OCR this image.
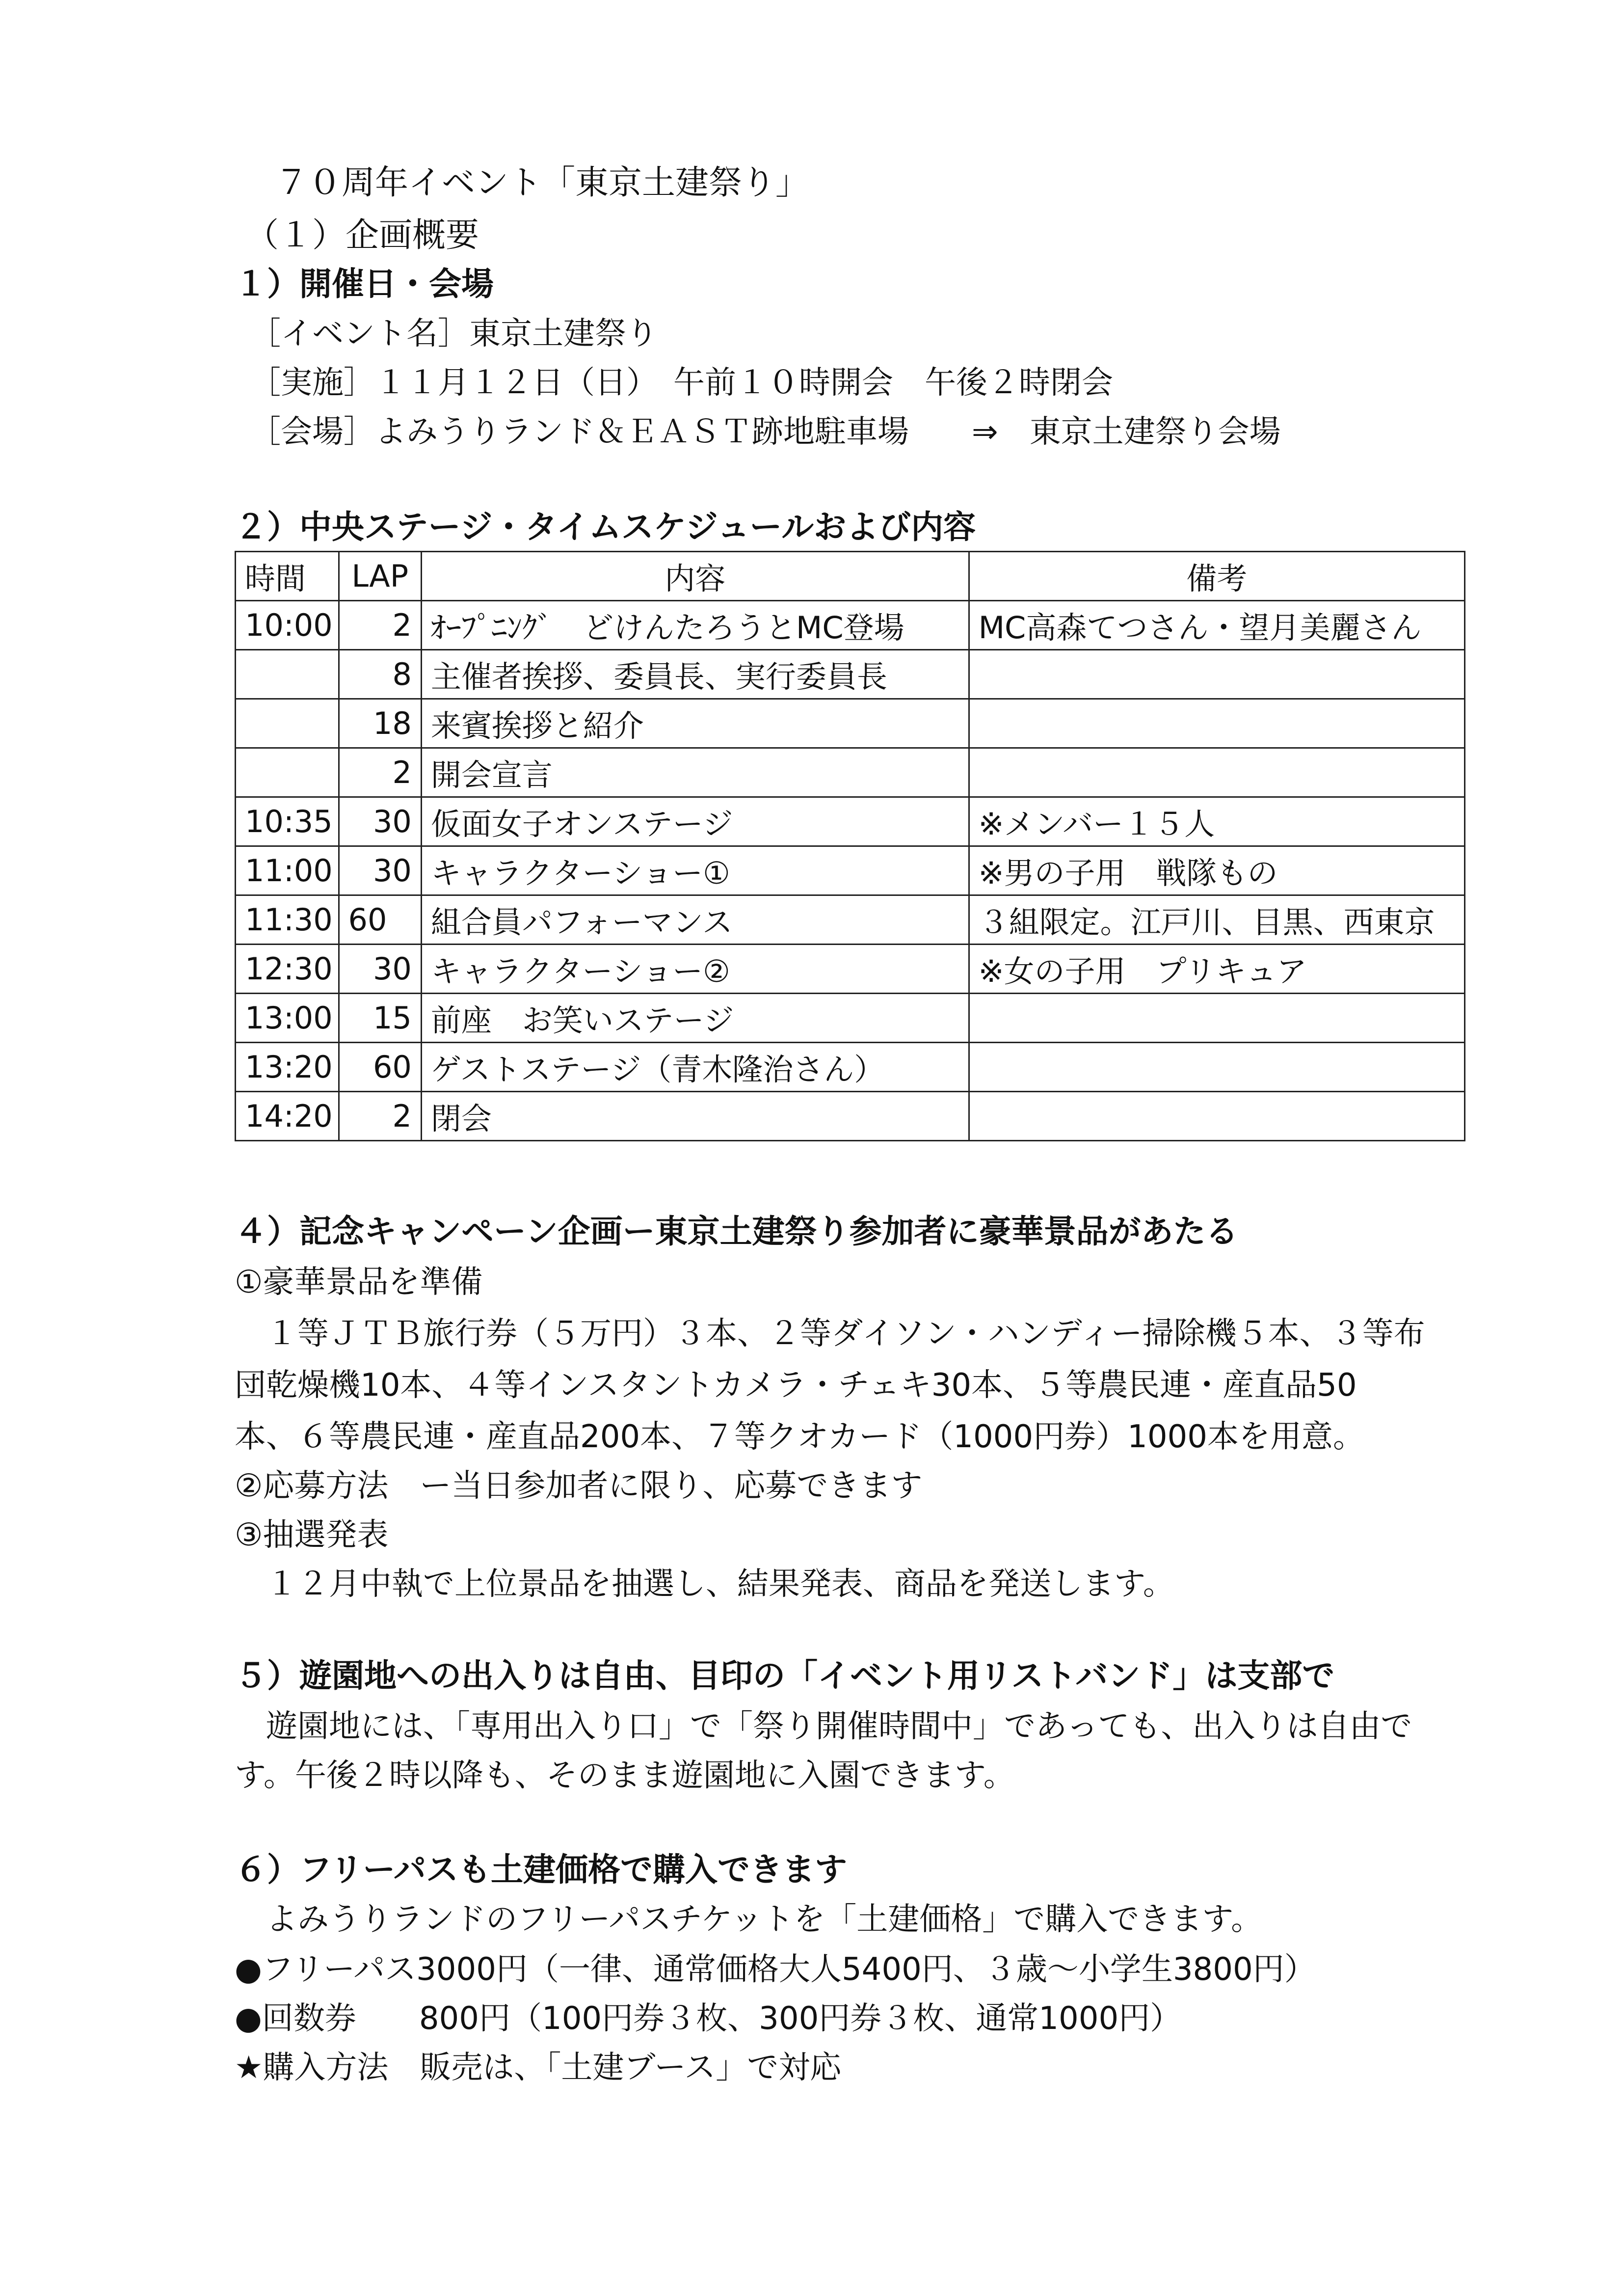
７０周年イベント「東京土建祭り」
（１）企画概要
１）開催日・会場
［イベント名］東京土建祭り
［実施］１１月１２日（日）　午前１０時開会　午後２時閉会
［会場］よみうりランド＆ＥＡＳＴ跡地駐車場　　⇒　東京土建祭り会場
２）中央ステージ・タイムスケジュールおよび内容
時間	LAP	内容	備考
10:00	2	ｵｰﾌﾟﾆﾝｸﾞ　どけんたろうとMC登場	MC高森てつさん・望月美麗さん
	8	主催者挨拶、委員長、実行委員長	
	18	来賓挨拶と紹介	
	2	開会宣言	
10:35	30	仮面女子オンステージ	※メンバー１５人
11:00	30	キャラクターショー①	※男の子用　戦隊もの
11:30	60	組合員パフォーマンス	３組限定。江戸川、目黒、西東京
12:30	30	キャラクターショー②	※女の子用　プリキュア
13:00	15	前座　お笑いステージ	
13:20	60	ゲストステージ（青木隆治さん）	
14:20	2	閉会	
４）記念キャンペーン企画ー東京土建祭り参加者に豪華景品があたる
①豪華景品を準備
　１等ＪＴＢ旅行券（５万円）３本、２等ダイソン・ハンディー掃除機５本、３等布
団乾燥機10本、４等インスタントカメラ・チェキ30本、５等農民連・産直品50
本、６等農民連・産直品200本、７等クオカード（1000円券）1000本を用意。
②応募方法　ー当日参加者に限り、応募できます
③抽選発表
　１２月中執で上位景品を抽選し、結果発表、商品を発送します。
５）遊園地への出入りは自由、目印の「イベント用リストバンド」は支部で
　遊園地には、「専用出入り口」で「祭り開催時間中」であっても、出入りは自由で
す。午後２時以降も、そのまま遊園地に入園できます。
６）フリーパスも土建価格で購入できます
　よみうりランドのフリーパスチケットを「土建価格」で購入できます。
●フリーパス3000円（一律、通常価格大人5400円、３歳～小学生3800円）
●回数券　　800円（100円券３枚、300円券３枚、通常1000円）
★購入方法　販売は、「土建ブース」で対応
